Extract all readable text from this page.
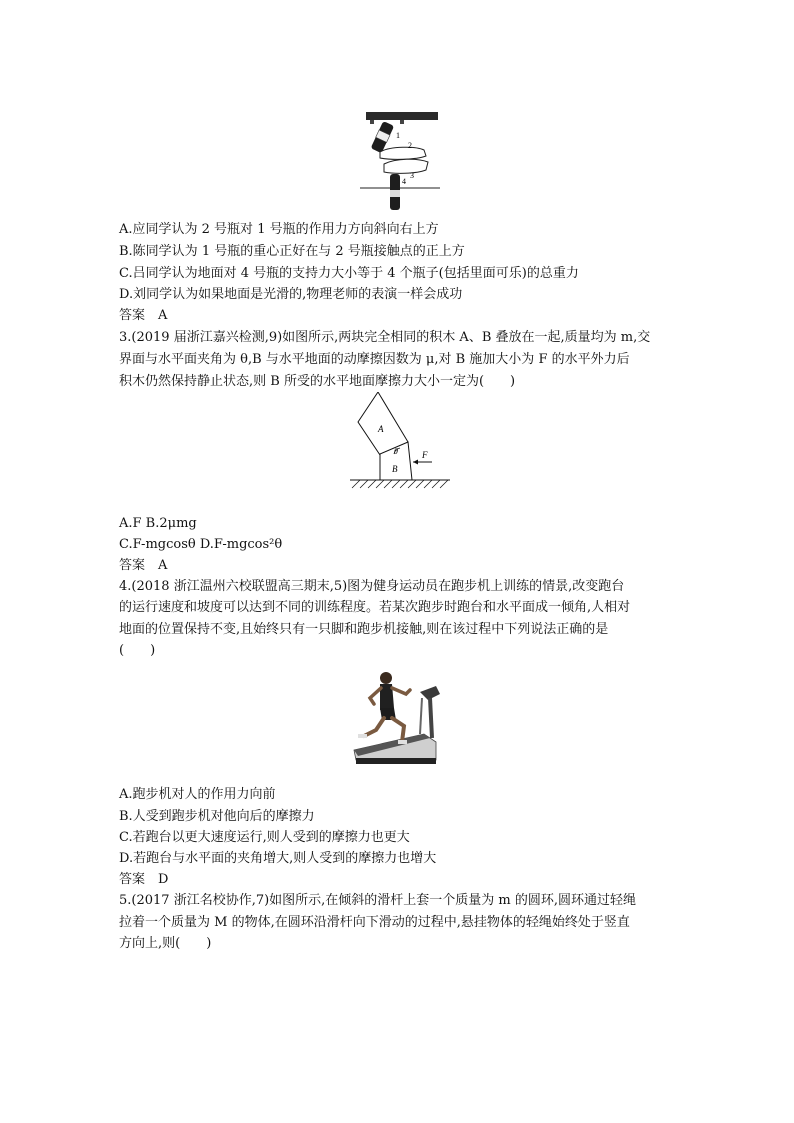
1
2
3
4
A.应同学认为 2 号瓶对 1 号瓶的作用力方向斜向右上方
B.陈同学认为 1 号瓶的重心正好在与 2 号瓶接触点的正上方
C.吕同学认为地面对 4 号瓶的支持力大小等于 4 个瓶子(包括里面可乐)的总重力
D.刘同学认为如果地面是光滑的,物理老师的表演一样会成功
答案　A
3.(2019 届浙江嘉兴检测,9)如图所示,两块完全相同的积木 A、B 叠放在一起,质量均为 m,交
界面与水平面夹角为 θ,B 与水平地面的动摩擦因数为 μ,对 B 施加大小为 F 的水平外力后
积木仍然保持静止状态,则 B 所受的水平地面摩擦力大小一定为(　　)
A
B
θ	F
A.F B.2μmg
C.F-mgcosθ D.F-mgcos²θ
答案　A
4.(2018 浙江温州六校联盟高三期末,5)图为健身运动员在跑步机上训练的情景,改变跑台
的运行速度和坡度可以达到不同的训练程度。若某次跑步时跑台和水平面成一倾角,人相对
地面的位置保持不变,且始终只有一只脚和跑步机接触,则在该过程中下列说法正确的是
(　　)
A.跑步机对人的作用力向前
B.人受到跑步机对他向后的摩擦力
C.若跑台以更大速度运行,则人受到的摩擦力也更大
D.若跑台与水平面的夹角增大,则人受到的摩擦力也增大
答案　D
5.(2017 浙江名校协作,7)如图所示,在倾斜的滑杆上套一个质量为 m 的圆环,圆环通过轻绳
拉着一个质量为 M 的物体,在圆环沿滑杆向下滑动的过程中,悬挂物体的轻绳始终处于竖直
方向上,则(　　)
